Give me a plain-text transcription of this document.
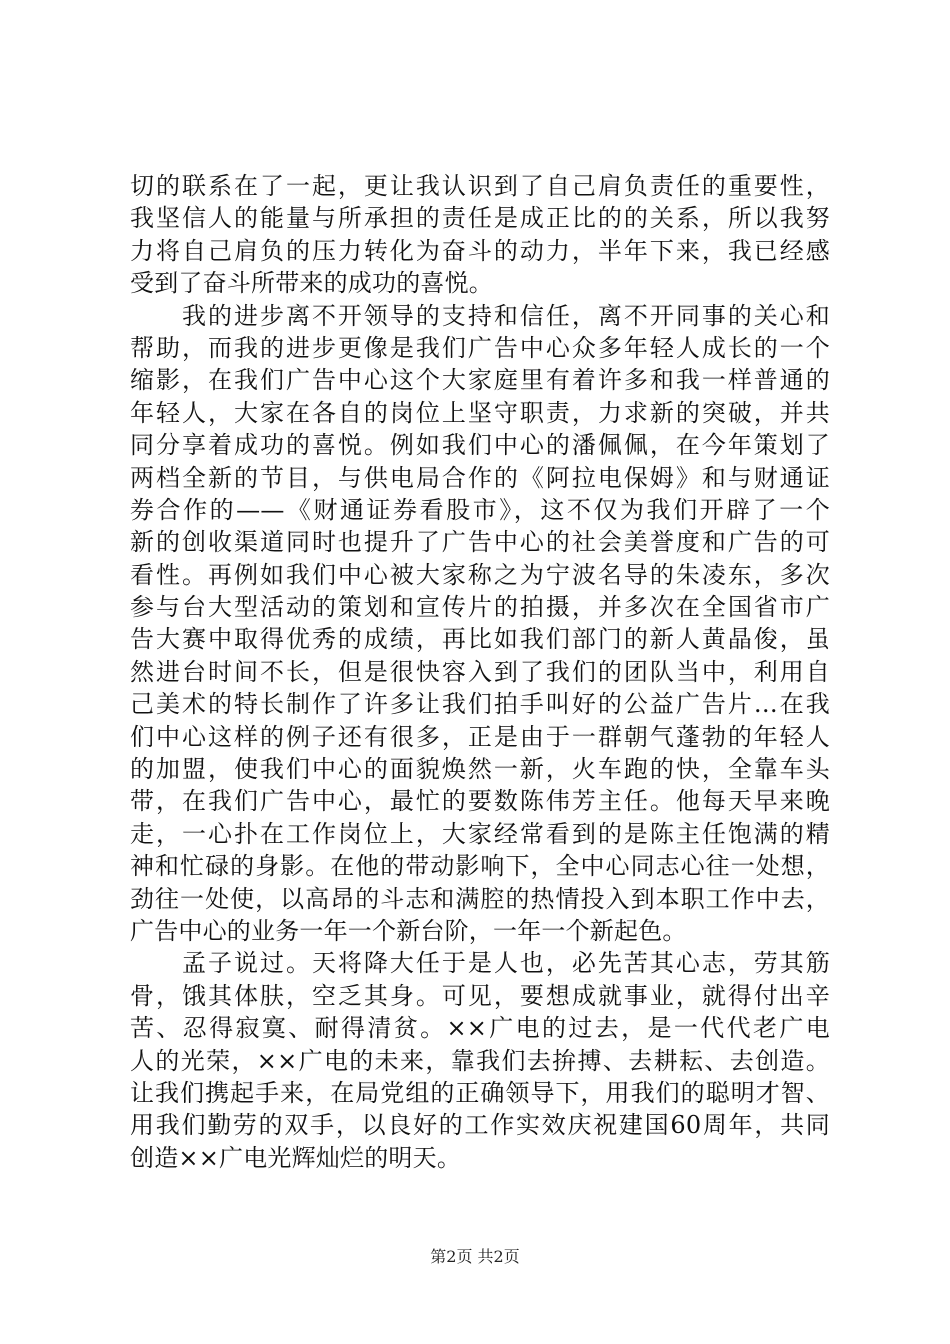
切的联系在了一起，更让我认识到了自己肩负责任的重要性，
我坚信人的能量与所承担的责任是成正比的的关系，所以我努
力将自己肩负的压力转化为奋斗的动力，半年下来，我已经感
受到了奋斗所带来的成功的喜悦。
　　我的进步离不开领导的支持和信任，离不开同事的关心和
帮助，而我的进步更像是我们广告中心众多年轻人成长的一个
缩影，在我们广告中心这个大家庭里有着许多和我一样普通的
年轻人，大家在各自的岗位上坚守职责，力求新的突破，并共
同分享着成功的喜悦。例如我们中心的潘佩佩，在今年策划了
两档全新的节目，与供电局合作的《阿拉电保姆》和与财通证
券合作的——《财通证券看股市》，这不仅为我们开辟了一个
新的创收渠道同时也提升了广告中心的社会美誉度和广告的可
看性。再例如我们中心被大家称之为宁波名导的朱凌东，多次
参与台大型活动的策划和宣传片的拍摄，并多次在全国省市广
告大赛中取得优秀的成绩，再比如我们部门的新人黄晶俊，虽
然进台时间不长，但是很快容入到了我们的团队当中，利用自
己美术的特长制作了许多让我们拍手叫好的公益广告片…在我
们中心这样的例子还有很多，正是由于一群朝气蓬勃的年轻人
的加盟，使我们中心的面貌焕然一新，火车跑的快，全靠车头
带，在我们广告中心，最忙的要数陈伟芳主任。他每天早来晚
走，一心扑在工作岗位上，大家经常看到的是陈主任饱满的精
神和忙碌的身影。在他的带动影响下，全中心同志心往一处想，
劲往一处使，以高昂的斗志和满腔的热情投入到本职工作中去，
广告中心的业务一年一个新台阶，一年一个新起色。
　　孟子说过。天将降大任于是人也，必先苦其心志，劳其筋
骨，饿其体肤，空乏其身。可见，要想成就事业，就得付出辛
苦、忍得寂寞、耐得清贫。××广电的过去，是一代代老广电
人的光荣，××广电的未来，靠我们去拚搏、去耕耘、去创造。
让我们携起手来，在局党组的正确领导下，用我们的聪明才智、
用我们勤劳的双手，以良好的工作实效庆祝建国60周年，共同
创造××广电光辉灿烂的明天。
第2页 共2页
